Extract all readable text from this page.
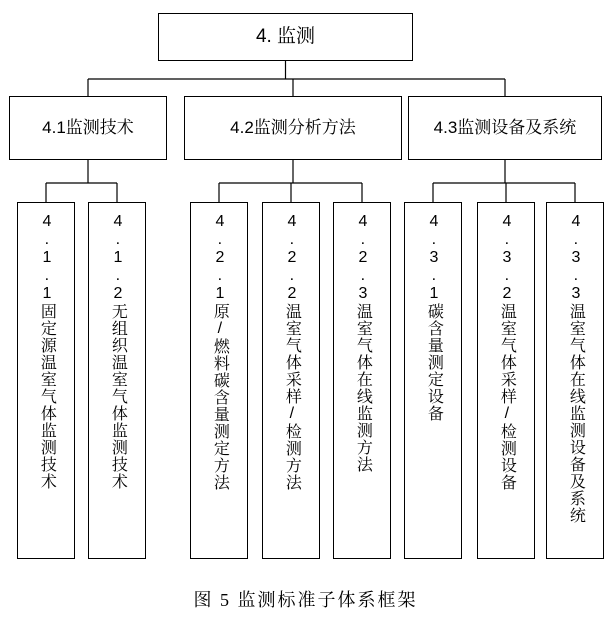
4. 监测
4.1监测技术	4.2监测分析方法	4.3监测设备及系统
4.1.1固定源温室气体监测技术	4.1.2无组织温室气体监测技术	4.2.1原/燃料碳含量测定方法	4.2.2温室气体采样/检测方法	4.2.3温室气体在线监测方法	4.3.1碳含量测定设备	4.3.2温室气体采样/检测设备	4.3.3温室气体在线监测设备及系统
图 5 监测标准子体系框架
